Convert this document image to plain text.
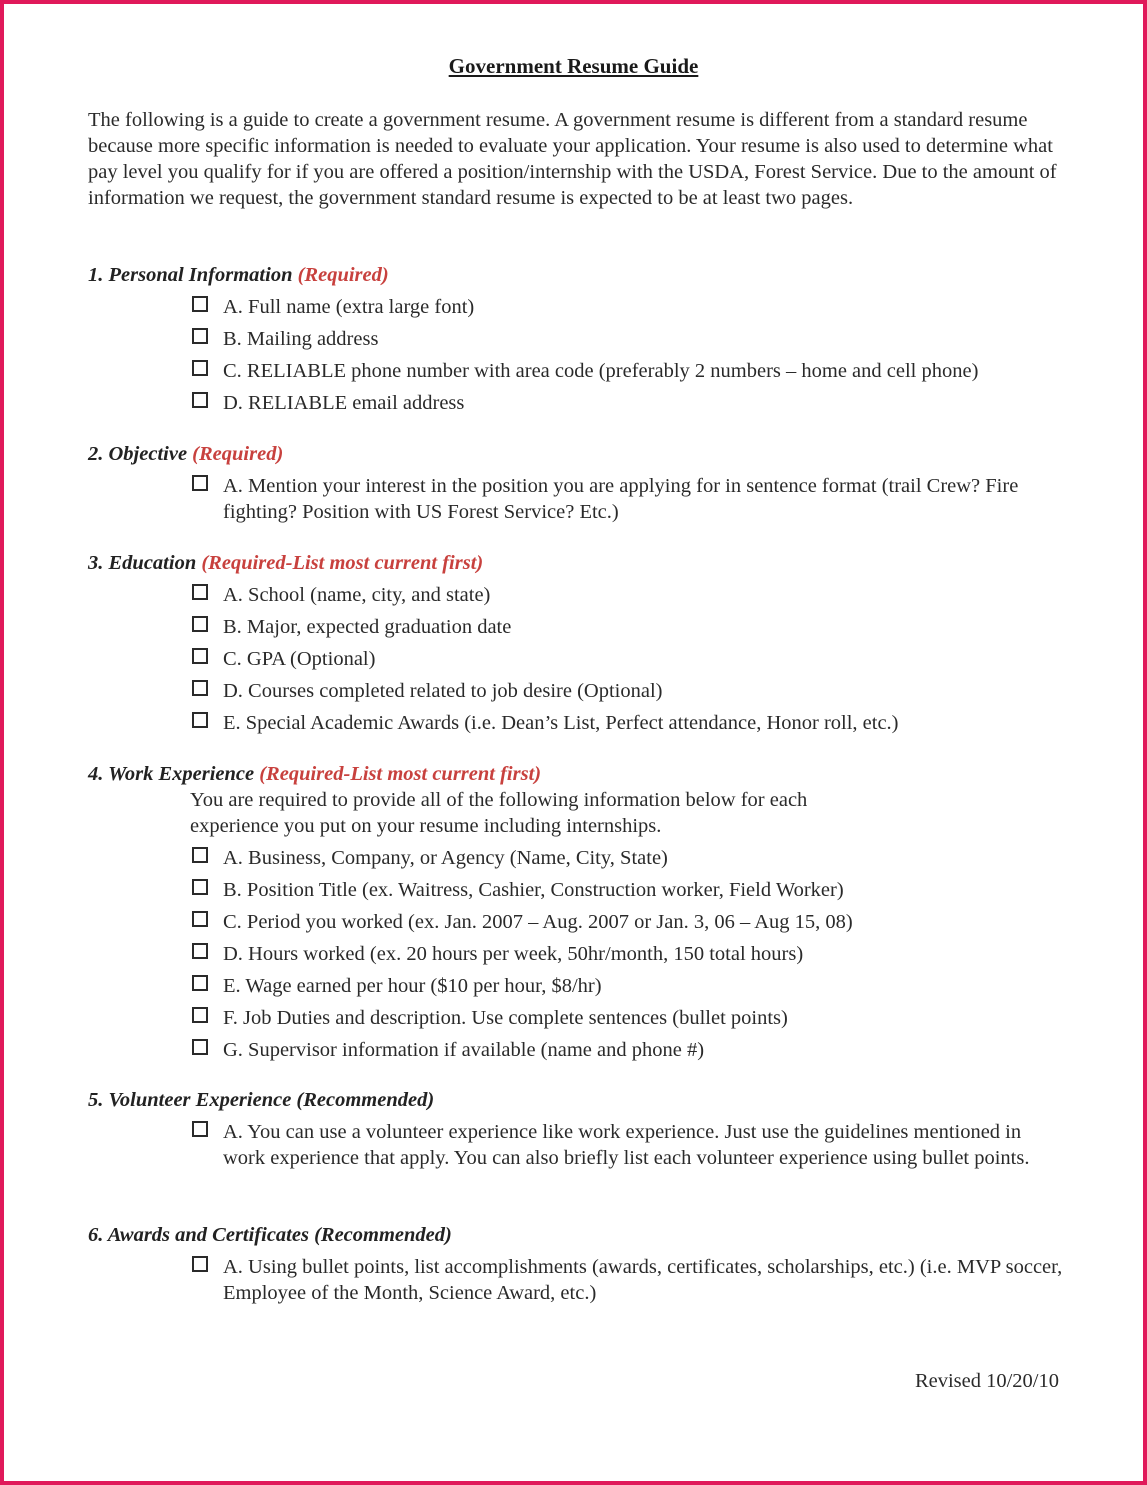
Government Resume Guide

The following is a guide to create a government resume. A government resume is different from a standard resume because more specific information is needed to evaluate your application. Your resume is also used to determine what pay level you qualify for if you are offered a position/internship with the USDA, Forest Service. Due to the amount of information we request, the government standard resume is expected to be at least two pages.

1. Personal Information (Required)

A. Full name (extra large font)
B. Mailing address
C. RELIABLE phone number with area code (preferably 2 numbers – home and cell phone)
D. RELIABLE email address

2. Objective (Required)

A. Mention your interest in the position you are applying for in sentence format (trail Crew? Fire fighting? Position with US Forest Service? Etc.)

3. Education (Required-List most current first)

A. School (name, city, and state)
B. Major, expected graduation date
C. GPA (Optional)
D. Courses completed related to job desire (Optional)
E. Special Academic Awards (i.e. Dean’s List, Perfect attendance, Honor roll, etc.)

4. Work Experience (Required-List most current first)

You are required to provide all of the following information below for each experience you put on your resume including internships.

A. Business, Company, or Agency (Name, City, State)
B. Position Title (ex. Waitress, Cashier, Construction worker, Field Worker)
C. Period you worked (ex. Jan. 2007 – Aug. 2007 or Jan. 3, 06 – Aug 15, 08)
D. Hours worked (ex. 20 hours per week, 50hr/month, 150 total hours)
E. Wage earned per hour ($10 per hour, $8/hr)
F. Job Duties and description. Use complete sentences (bullet points)
G. Supervisor information if available (name and phone #)

5. Volunteer Experience (Recommended)

A. You can use a volunteer experience like work experience. Just use the guidelines mentioned in work experience that apply. You can also briefly list each volunteer experience using bullet points.

6. Awards and Certificates (Recommended)

A. Using bullet points, list accomplishments (awards, certificates, scholarships, etc.) (i.e. MVP soccer, Employee of the Month, Science Award, etc.)
Revised 10/20/10
